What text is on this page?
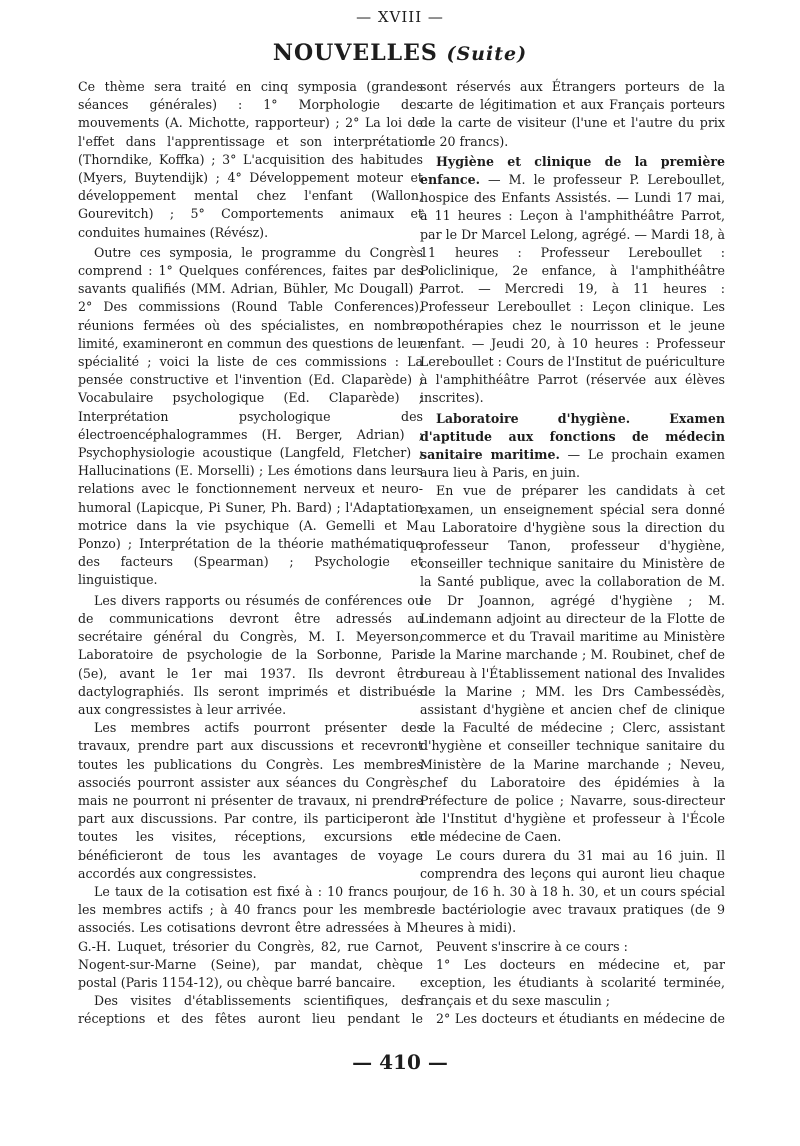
— XVIII —
NOUVELLES (Suite)

Ce thème sera traité en cinq symposia (grandes séances générales) : 1° Morphologie des mouvements (A. Michotte, rapporteur) ; 2° La loi de l'effet dans l'apprentissage et son interprétation (Thorndike, Koffka) ; 3° L'acquisition des habitudes (Myers, Buytendijk) ; 4° Développement moteur et développement mental chez l'enfant (Wallon, Gourevitch) ; 5° Comportements animaux et conduites humaines (Révész).

Outre ces symposia, le programme du Congrès comprend : 1° Quelques conférences, faites par des savants qualifiés (MM. Adrian, Bühler, Mc Dougall) ; 2° Des commissions (Round Table Conferences), réunions fermées où des spécialistes, en nombre limité, examineront en commun des questions de leur spécialité ; voici la liste de ces commissions : La pensée constructive et l'invention (Ed. Claparède) ; Vocabulaire psychologique (Ed. Claparède) ; Interprétation psychologique des électroencéphalogrammes (H. Berger, Adrian) ; Psychophysiologie acoustique (Langfeld, Fletcher) ; Hallucinations (E. Morselli) ; Les émotions dans leurs relations avec le fonctionnement nerveux et neuro-humoral (Lapicque, Pi Suner, Ph. Bard) ; l'Adaptation motrice dans la vie psychique (A. Gemelli et M. Ponzo) ; Interprétation de la théorie mathématique des facteurs (Spearman) ; Psychologie et linguistique.

Les divers rapports ou résumés de conférences ou de communications devront être adressés au secrétaire général du Congrès, M. I. Meyerson, Laboratoire de psychologie de la Sorbonne, Paris (5e), avant le 1er mai 1937. Ils devront être dactylographiés. Ils seront imprimés et distribués aux congressistes à leur arrivée.

Les membres actifs pourront présenter des travaux, prendre part aux discussions et recevront toutes les publications du Congrès. Les membres associés pourront assister aux séances du Congrès, mais ne pourront ni présenter de travaux, ni prendre part aux discussions. Par contre, ils participeront à toutes les visites, réceptions, excursions et bénéficieront de tous les avantages de voyage accordés aux congressistes.

Le taux de la cotisation est fixé à : 10 francs pour les membres actifs ; à 40 francs pour les membres associés. Les cotisations devront être adressées à M. G.-H. Luquet, trésorier du Congrès, 82, rue Carnot, Nogent-sur-Marne (Seine), par mandat, chèque postal (Paris 1154-12), ou chèque barré bancaire.

Des visites d'établissements scientifiques, des réceptions et des fêtes auront lieu pendant le

sont réservés aux Étrangers porteurs de la carte de légitimation et aux Français porteurs de la carte de visiteur (l'une et l'autre du prix de 20 francs).

Hygiène et clinique de la première enfance. — M. le professeur P. Lereboullet, hospice des Enfants Assistés. — Lundi 17 mai, à 11 heures : Leçon à l'amphithéâtre Parrot, par le Dr Marcel Lelong, agrégé. — Mardi 18, à 11 heures : Professeur Lereboullet : Policlinique, 2e enfance, à l'amphithéâtre Parrot. — Mercredi 19, à 11 heures : Professeur Lereboullet : Leçon clinique. Les opothérapies chez le nourrisson et le jeune enfant. — Jeudi 20, à 10 heures : Professeur Lereboullet : Cours de l'Institut de puériculture à l'amphithéâtre Parrot (réservée aux élèves inscrites).

Laboratoire d'hygiène. Examen d'aptitude aux fonctions de médecin sanitaire maritime. — Le prochain examen aura lieu à Paris, en juin.

En vue de préparer les candidats à cet examen, un enseignement spécial sera donné au Laboratoire d'hygiène sous la direction du professeur Tanon, professeur d'hygiène, conseiller technique sanitaire du Ministère de la Santé publique, avec la collaboration de M. le Dr Joannon, agrégé d'hygiène ; M. Lindemann adjoint au directeur de la Flotte de commerce et du Travail maritime au Ministère de la Marine marchande ; M. Roubinet, chef de bureau à l'Établissement national des Invalides de la Marine ; MM. les Drs Cambessédès, assistant d'hygiène et ancien chef de clinique de la Faculté de médecine ; Clerc, assistant d'hygiène et conseiller technique sanitaire du Ministère de la Marine marchande ; Neveu, chef du Laboratoire des épidémies à la Préfecture de police ; Navarre, sous-directeur de l'Institut d'hygiène et professeur à l'École de médecine de Caen.

Le cours durera du 31 mai au 16 juin. Il comprendra des leçons qui auront lieu chaque jour, de 16 h. 30 à 18 h. 30, et un cours spécial de bactériologie avec travaux pratiques (de 9 heures à midi).

Peuvent s'inscrire à ce cours :

1° Les docteurs en médecine et, par exception, les étudiants à scolarité terminée, français et du sexe masculin ;

2° Les docteurs et étudiants en médecine de

— 410 —
